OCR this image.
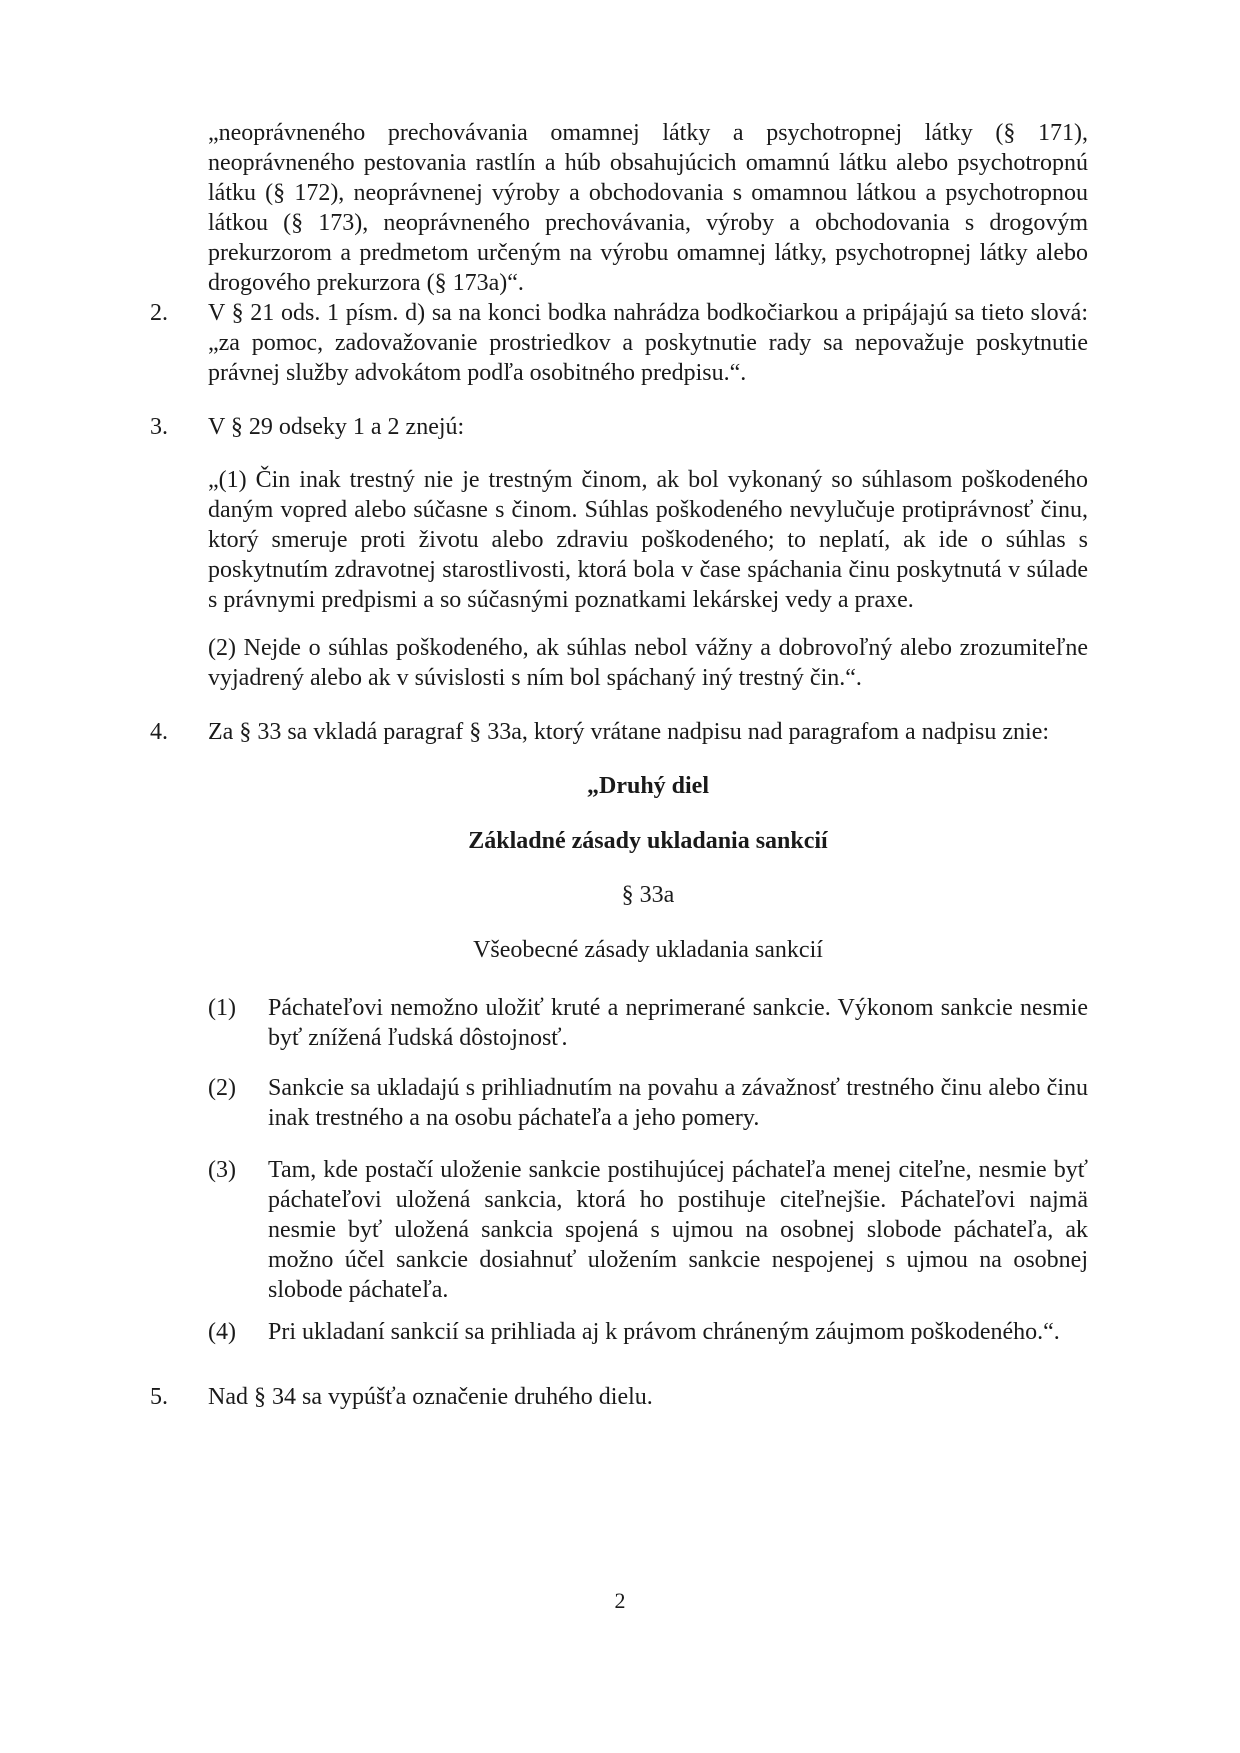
„neoprávneného prechovávania omamnej látky a psychotropnej látky (§ 171), neoprávneného pestovania rastlín a húb obsahujúcich omamnú látku alebo psychotropnú látku (§ 172), neoprávnenej výroby a obchodovania s omamnou látkou a psychotropnou látkou (§ 173), neoprávneného prechovávania, výroby a obchodovania s drogovým prekurzorom a predmetom určeným na výrobu omamnej látky, psychotropnej látky alebo drogového prekurzora (§ 173a)“.
2. V § 21 ods. 1 písm. d) sa na konci bodka nahrádza bodkočiarkou a pripájajú sa tieto slová: „za pomoc, zadovažovanie prostriedkov a poskytnutie rady sa nepovažuje poskytnutie právnej služby advokátom podľa osobitného predpisu.“.
3. V § 29 odseky 1 a 2 znejú:
„(1) Čin inak trestný nie je trestným činom, ak bol vykonaný so súhlasom poškodeného daným vopred alebo súčasne s činom. Súhlas poškodeného nevylučuje protiprávnosť činu, ktorý smeruje proti životu alebo zdraviu poškodeného; to neplatí, ak ide o súhlas s poskytnutím zdravotnej starostlivosti, ktorá bola v čase spáchania činu poskytnutá v súlade s právnymi predpismi a so súčasnými poznatkami lekárskej vedy a praxe.
(2) Nejde o súhlas poškodeného, ak súhlas nebol vážny a dobrovoľný alebo zrozumiteľne vyjadrený alebo ak v súvislosti s ním bol spáchaný iný trestný čin.“.
4. Za § 33 sa vkladá paragraf § 33a, ktorý vrátane nadpisu nad paragrafom a nadpisu znie:
„Druhý diel
Základné zásady ukladania sankcií
§ 33a
Všeobecné zásady ukladania sankcií
(1) Páchateľovi nemožno uložiť kruté a neprimerané sankcie. Výkonom sankcie nesmie byť znížená ľudská dôstojnosť.
(2) Sankcie sa ukladajú s prihliadnutím na povahu a závažnosť trestného činu alebo činu inak trestného a na osobu páchateľa a jeho pomery.
(3) Tam, kde postačí uloženie sankcie postihujúcej páchateľa menej citeľne, nesmie byť páchateľovi uložená sankcia, ktorá ho postihuje citeľnejšie. Páchateľovi najmä nesmie byť uložená sankcia spojená s ujmou na osobnej slobode páchateľa, ak možno účel sankcie dosiahnuť uložením sankcie nespojenej s ujmou na osobnej slobode páchateľa.
(4) Pri ukladaní sankcií sa prihliada aj k právom chráneným záujmom poškodeného.“.
5. Nad § 34 sa vypúšťa označenie druhého dielu.
2
